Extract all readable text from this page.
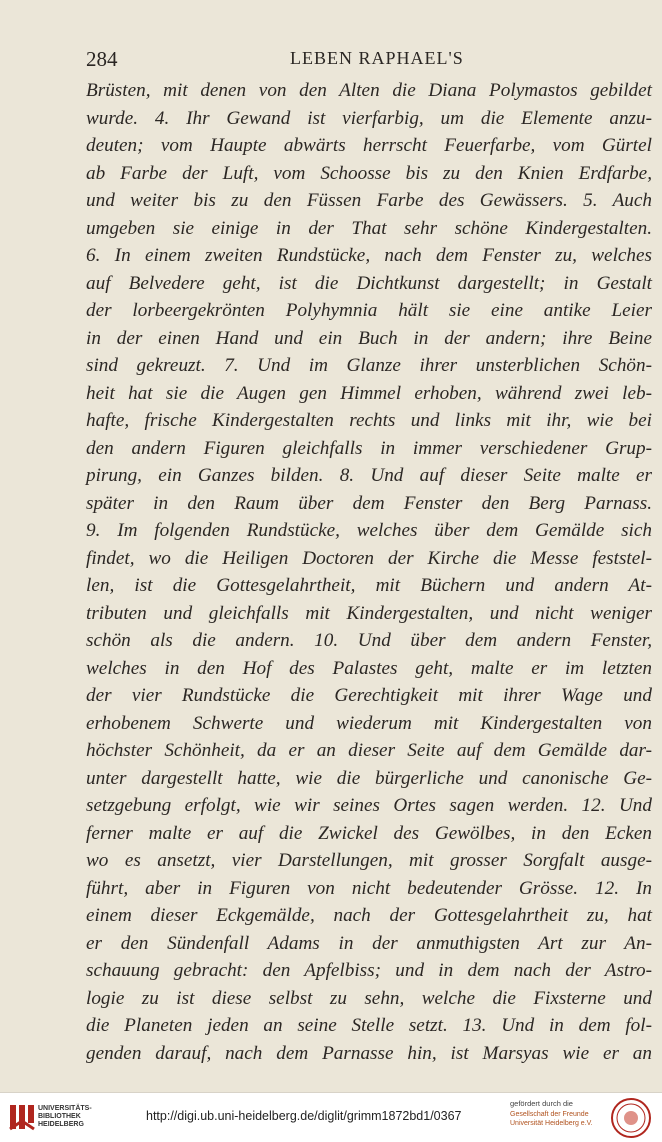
284	LEBEN RAPHAEL'S
Brüsten, mit denen von den Alten die Diana Polymastos gebildet
wurde. 4. Ihr Gewand ist vierfarbig, um die Elemente anzu-
deuten; vom Haupte abwärts herrscht Feuerfarbe, vom Gürtel
ab Farbe der Luft, vom Schoosse bis zu den Knien Erdfarbe,
und weiter bis zu den Füssen Farbe des Gewässers. 5. Auch
umgeben sie einige in der That sehr schöne Kindergestalten.
6. In einem zweiten Rundstücke, nach dem Fenster zu, welches
auf Belvedere geht, ist die Dichtkunst dargestellt; in Gestalt
der lorbeergekrönten Polyhymnia hält sie eine antike Leier
in der einen Hand und ein Buch in der andern; ihre Beine
sind gekreuzt. 7. Und im Glanze ihrer unsterblichen Schön-
heit hat sie die Augen gen Himmel erhoben, während zwei leb-
hafte, frische Kindergestalten rechts und links mit ihr, wie bei
den andern Figuren gleichfalls in immer verschiedener Grup-
pirung, ein Ganzes bilden. 8. Und auf dieser Seite malte er
später in den Raum über dem Fenster den Berg Parnass.
9. Im folgenden Rundstücke, welches über dem Gemälde sich
findet, wo die Heiligen Doctoren der Kirche die Messe feststel-
len, ist die Gottesgelahrtheit, mit Büchern und andern At-
tributen und gleichfalls mit Kindergestalten, und nicht weniger
schön als die andern. 10. Und über dem andern Fenster,
welches in den Hof des Palastes geht, malte er im letzten
der vier Rundstücke die Gerechtigkeit mit ihrer Wage und
erhobenem Schwerte und wiederum mit Kindergestalten von
höchster Schönheit, da er an dieser Seite auf dem Gemälde dar-
unter dargestellt hatte, wie die bürgerliche und canonische Ge-
setzgebung erfolgt, wie wir seines Ortes sagen werden. 12. Und
ferner malte er auf die Zwickel des Gewölbes, in den Ecken
wo es ansetzt, vier Darstellungen, mit grosser Sorgfalt ausge-
führt, aber in Figuren von nicht bedeutender Grösse. 12. In
einem dieser Eckgemälde, nach der Gottesgelahrtheit zu, hat
er den Sündenfall Adams in der anmuthigsten Art zur An-
schauung gebracht: den Apfelbiss; und in dem nach der Astro-
logie zu ist diese selbst zu sehn, welche die Fixsterne und
die Planeten jeden an seine Stelle setzt. 13. Und in dem fol-
genden darauf, nach dem Parnasse hin, ist Marsyas wie er an
UNIVERSITÄTS-
BIBLIOTHEK
HEIDELBERG
http://digi.ub.uni-heidelberg.de/diglit/grimm1872bd1/0367
gefördert durch die
Gesellschaft der Freunde
Universität Heidelberg e.V.
